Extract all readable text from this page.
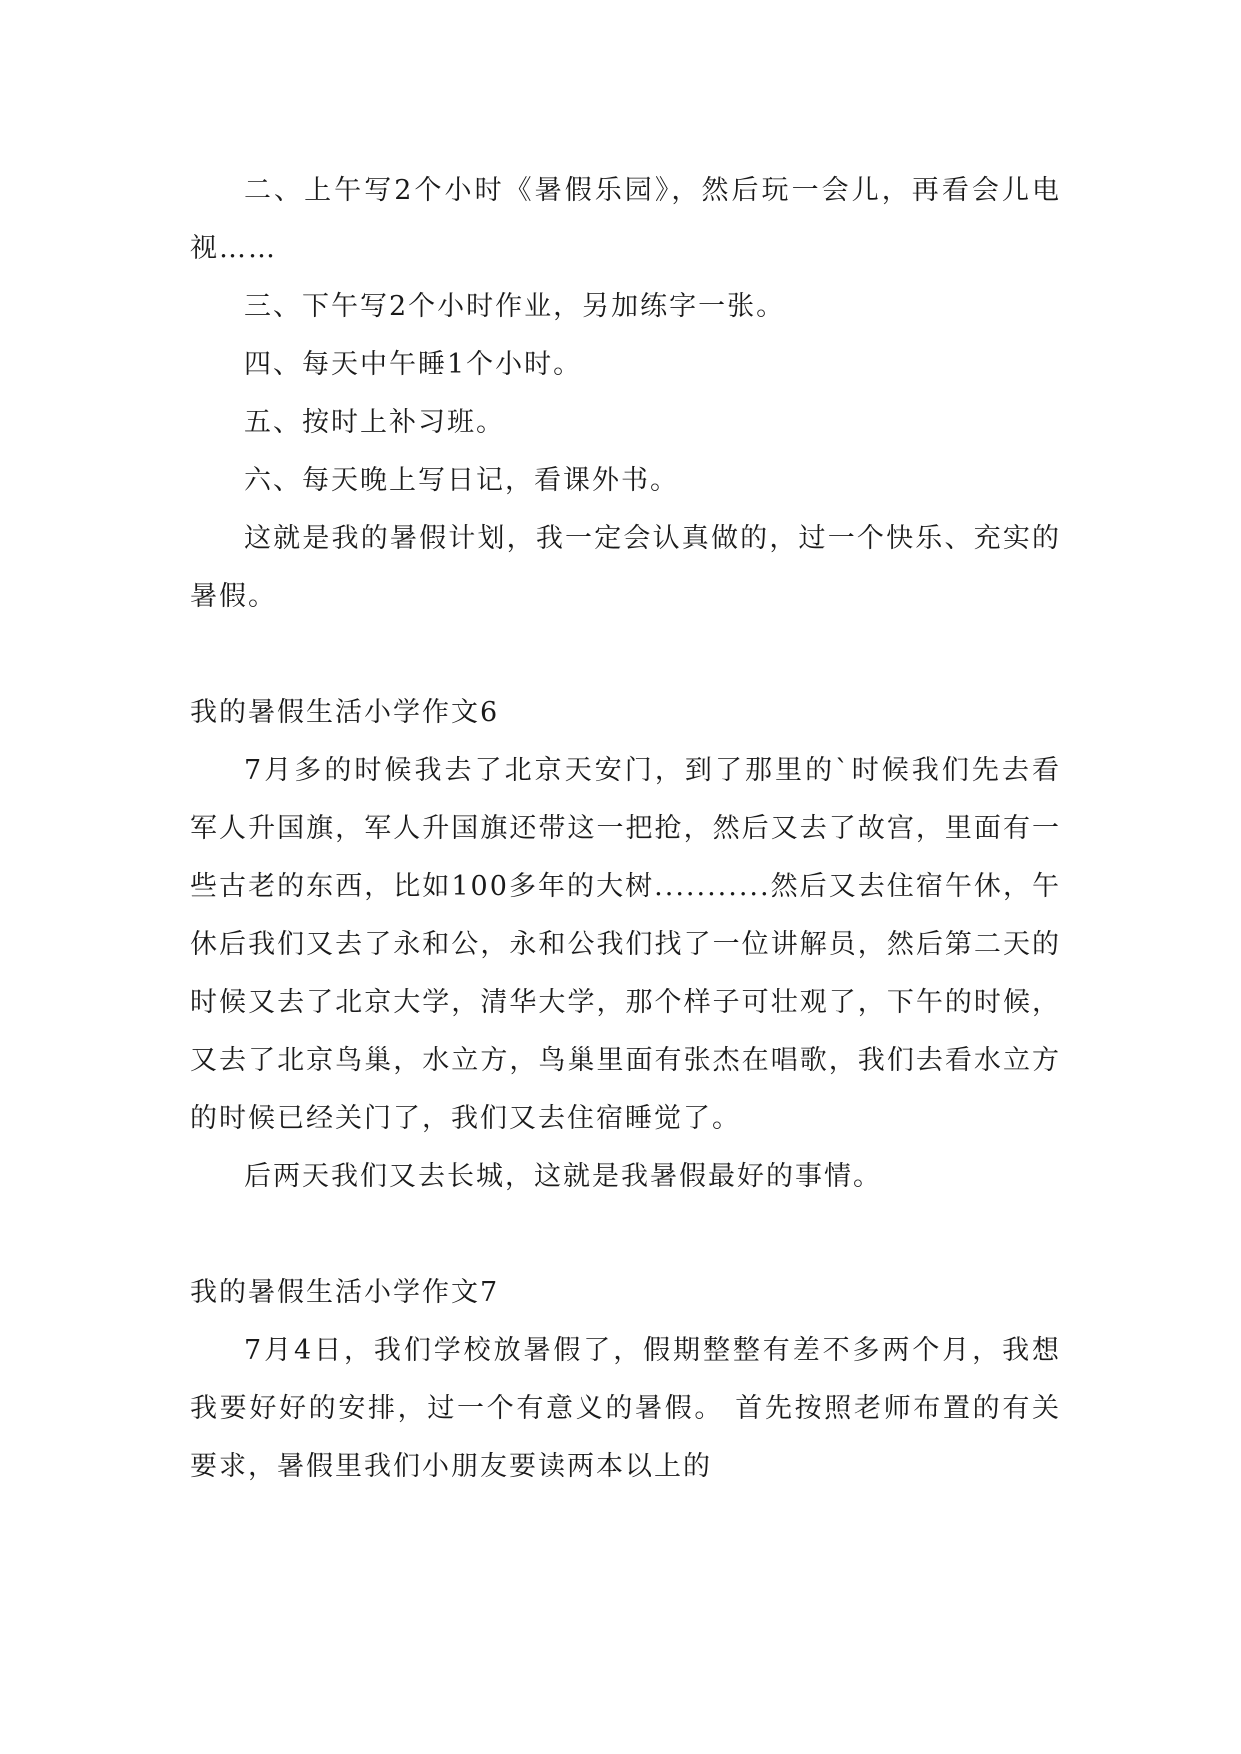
二、上午写2个小时《暑假乐园》，然后玩一会儿，再看会儿电视……

三、下午写2个小时作业，另加练字一张。

四、每天中午睡1个小时。

五、按时上补习班。

六、每天晚上写日记，看课外书。

这就是我的暑假计划，我一定会认真做的，过一个快乐、充实的暑假。

我的暑假生活小学作文6

7月多的时候我去了北京天安门，到了那里的`时候我们先去看军人升国旗，军人升国旗还带这一把抢，然后又去了故宫，里面有一些古老的东西，比如100多年的大树...........然后又去住宿午休，午休后我们又去了永和公，永和公我们找了一位讲解员，然后第二天的时候又去了北京大学，清华大学，那个样子可壮观了，下午的时候，又去了北京鸟巢，水立方，鸟巢里面有张杰在唱歌，我们去看水立方的时候已经关门了，我们又去住宿睡觉了。

后两天我们又去长城，这就是我暑假最好的事情。

我的暑假生活小学作文7

7月4日，我们学校放暑假了，假期整整有差不多两个月，我想我要好好的安排，过一个有意义的暑假。 首先按照老师布置的有关要求，暑假里我们小朋友要读两本以上的
